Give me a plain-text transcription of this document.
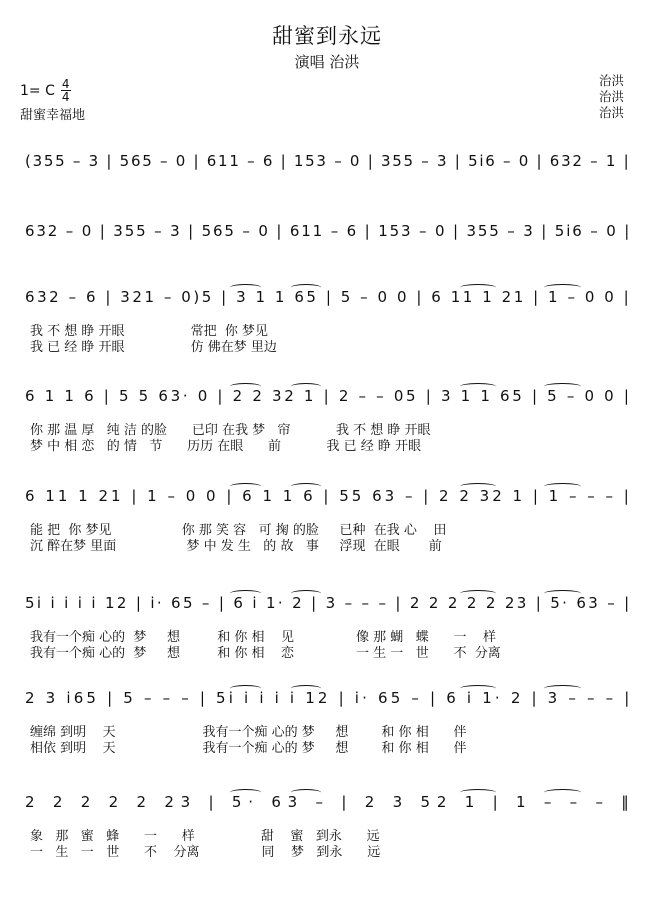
甜蜜到永远
演唱 治洪
1= C $\frac{4}{4}$
甜蜜幸福地
治洪
治洪
治洪
(355 – 3 | 565 – 0 | 611 – 6 | 153 – 0 | 355 – 3 | 5i6 – 0 | 632 – 1 |
632 – 0 | 355 – 3 | 565 – 0 | 611 – 6 | 153 – 0 | 355 – 3 | 5i6 – 0 |
632 – 6 | 321 – 0)5 | 3 1 1 65 | 5 – 0 0 | 6 11 1 21 | 1 – 0 0 |
我 不 想 睁 开眼                常把  你 梦见
我 已 经 睁 开眼                仿 佛在梦 里边
6 1 1 6 | 5 5 63· 0 | 2 2 32 1 | 2 – – 05 | 3 1 1 65 | 5 – 0 0 |
你 那 温 厚   纯 洁 的脸      已印 在我 梦   帘           我 不 想 睁 开眼
梦 中 相 恋   的 情   节      历历 在眼      前           我 已 经 睁 开眼
6 11 1 21 | 1 – 0 0 | 6 1 1 6 | 55 63 – | 2 2 32 1 | 1 – – – |
能 把  你 梦见                 你 那 笑 容   可 掬 的脸     已种  在我 心    田
沉 醉在梦 里面                 梦 中 发 生   的 故   事     浮现  在眼       前
5i i i i i 12 | i· 65 – | 6 i 1· 2 | 3 – – – | 2 2 2 2 2 23 | 5· 63 – |
我有一个痴 心的  梦     想         和 你 相    见               像 那 蝴   蝶      一    样
我有一个痴 心的  梦     想         和 你 相    恋               一 生 一   世      不  分离
2 3 i65 | 5 – – – | 5i i i i i 12 | i· 65 – | 6 i 1· 2 | 3 – – – |
缠绵 到明    天                     我有一个痴 心的 梦     想        和 你 相      伴
相依 到明    天                     我有一个痴 心的 梦     想        和 你 相      伴
2 2 2 2 2 23 | 5· 63 – | 2 3 52 1 | 1 – – – ‖
象   那   蜜   蜂      一      样                甜    蜜   到永      远
一   生   一   世      不    分离               同    梦   到永      远
